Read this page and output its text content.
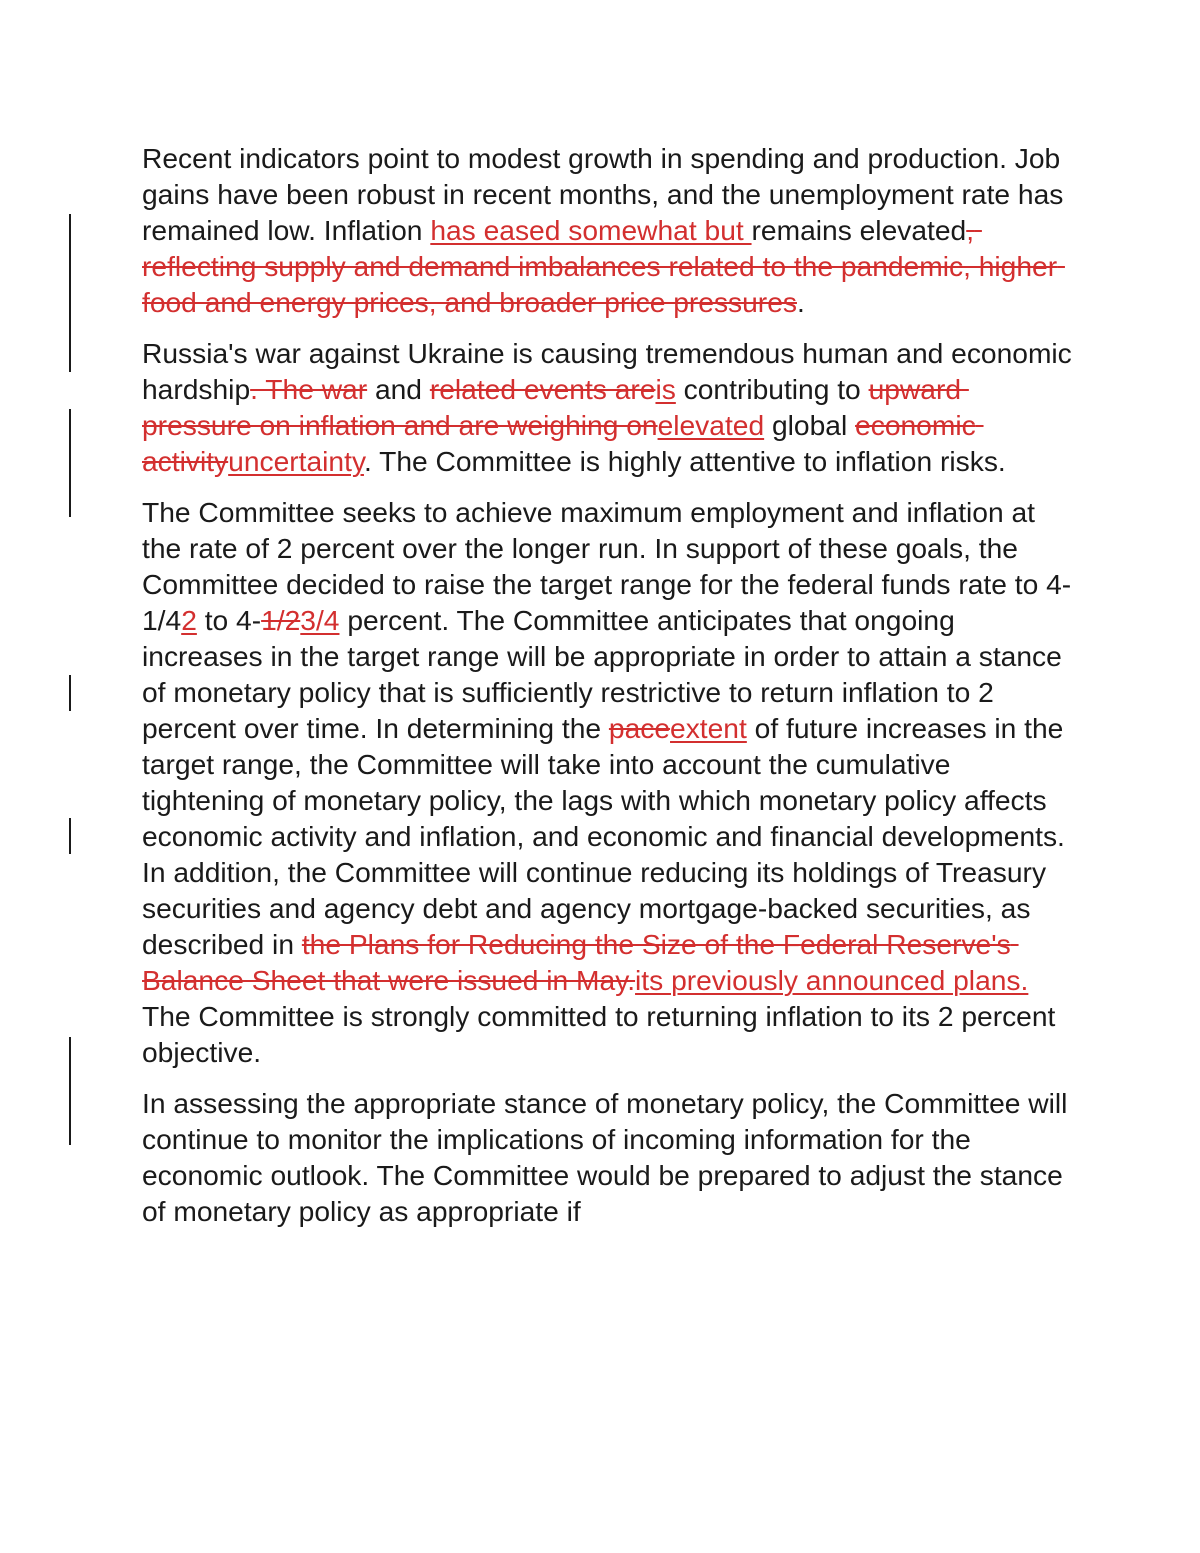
Recent indicators point to modest growth in spending and production. Job gains have been robust in recent months, and the unemployment rate has remained low. Inflation has eased somewhat but remains elevated, reflecting supply and demand imbalances related to the pandemic, higher food and energy prices, and broader price pressures.

Russia's war against Ukraine is causing tremendous human and economic hardship. The war and related events areis contributing to upward pressure on inflation and are weighing onelevated global economic activityuncertainty. The Committee is highly attentive to inflation risks.

The Committee seeks to achieve maximum employment and inflation at the rate of 2 percent over the longer run. In support of these goals, the Committee decided to raise the target range for the federal funds rate to 4-1/42 to 4-1/23/4 percent. The Committee anticipates that ongoing increases in the target range will be appropriate in order to attain a stance of monetary policy that is sufficiently restrictive to return inflation to 2 percent over time. In determining the paceextent of future increases in the target range, the Committee will take into account the cumulative tightening of monetary policy, the lags with which monetary policy affects economic activity and inflation, and economic and financial developments. In addition, the Committee will continue reducing its holdings of Treasury securities and agency debt and agency mortgage-backed securities, as described in the Plans for Reducing the Size of the Federal Reserve's Balance Sheet that were issued in May.its previously announced plans. The Committee is strongly committed to returning inflation to its 2 percent objective.

In assessing the appropriate stance of monetary policy, the Committee will continue to monitor the implications of incoming information for the economic outlook. The Committee would be prepared to adjust the stance of monetary policy as appropriate if
